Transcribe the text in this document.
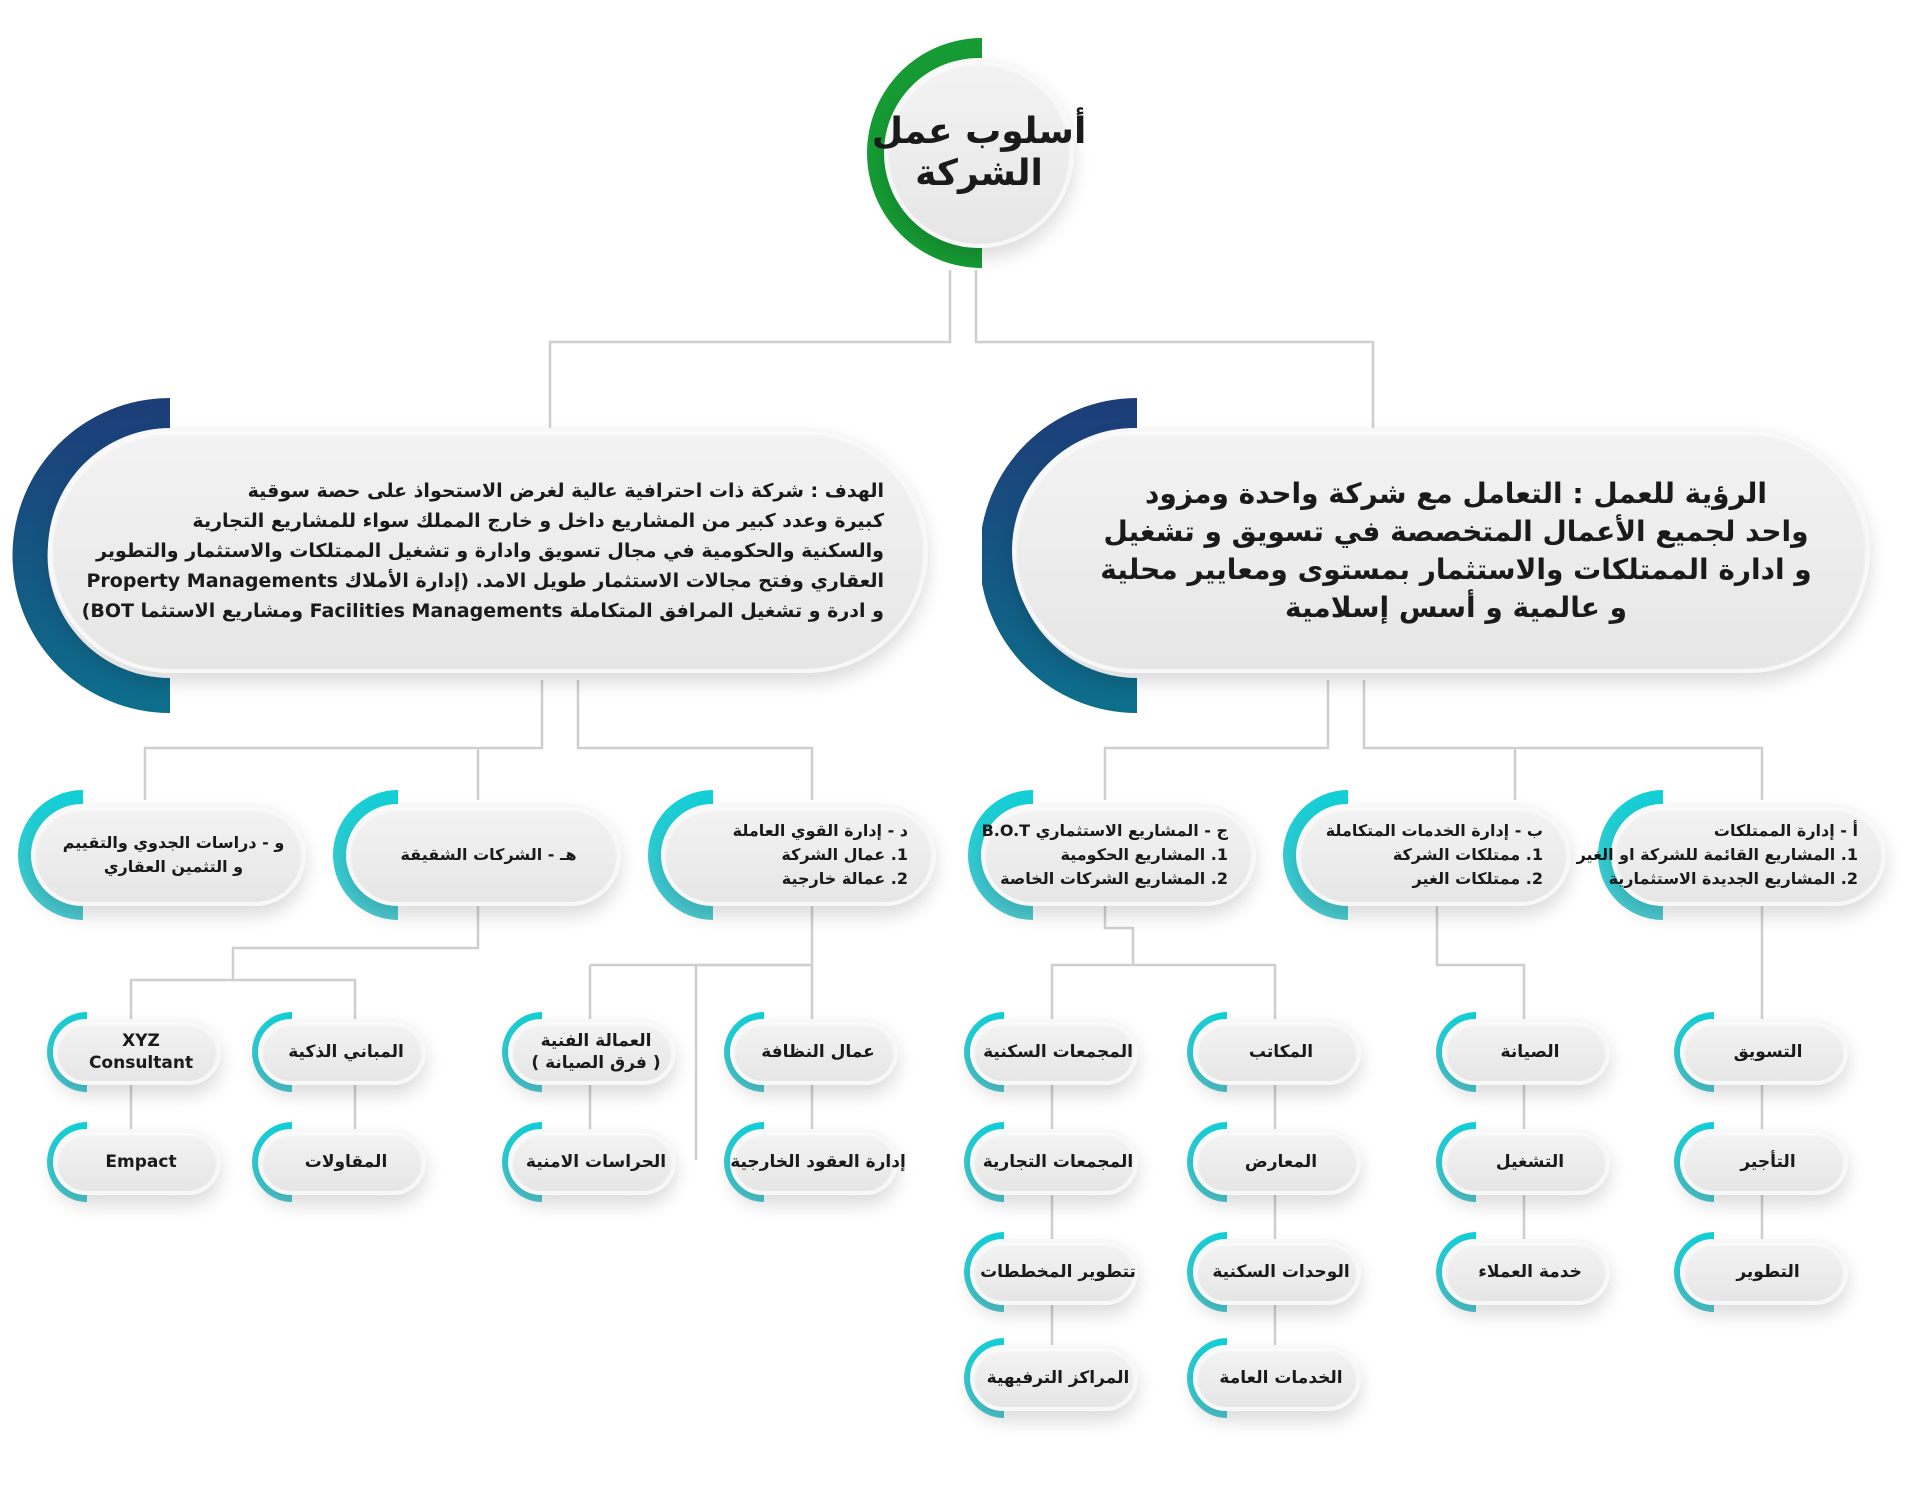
أسلوب عمل
الشركة
الهدف : شركة ذات احترافية عالية لغرض الاستحواذ على حصة سوقية
كبيرة وعدد كبير من المشاريع داخل و خارج المملك سواء للمشاريع التجارية
والسكنية والحكومية في مجال تسويق وادارة و تشغيل الممتلكات والاستثمار والتطوير
العقاري وفتح مجالات الاستثمار طويل الامد. (إدارة الأملاك Property Managements
و ادرة و تشغيل المرافق المتكاملة Facilities Managements ومشاريع الاستثما BOT)
الرؤية للعمل : التعامل مع شركة واحدة ومزود
واحد لجميع الأعمال المتخصصة في تسويق و تشغيل
و ادارة الممتلكات والاستثمار بمستوى ومعايير محلية
و عالمية و أسس إسلامية
و - دراسات الجدوي والتقييم
و التثمين العقاري
هـ - الشركات الشقيقة
د - إدارة القوي العاملة
1. عمال الشركة
2. عمالة خارجية
ج - المشاريع الاستثماري B.O.T
1. المشاريع الحكومية
2. المشاريع الشركات الخاصة
ب - إدارة الخدمات المتكاملة
1. ممتلكات الشركة
2. ممتلكات الغير
أ - إدارة الممتلكات
1. المشاريع القائمة للشركة او الغير
2. المشاريع الجديدة الاستثمارية
التسويق
التأجير
التطوير
الصيانة
التشغيل
خدمة العملاء
المكاتب
المعارض
الوحدات السكنية
الخدمات العامة
المجمعات السكنية
المجمعات التجارية
تتطوير المخططات
المراكز الترفيهية
عمال النظافة
إدارة العقود الخارجية
العمالة الفنية
( فرق الصيانة )
الحراسات الامنية
المباني الذكية
المقاولات
XYZ
Consultant
Empact
